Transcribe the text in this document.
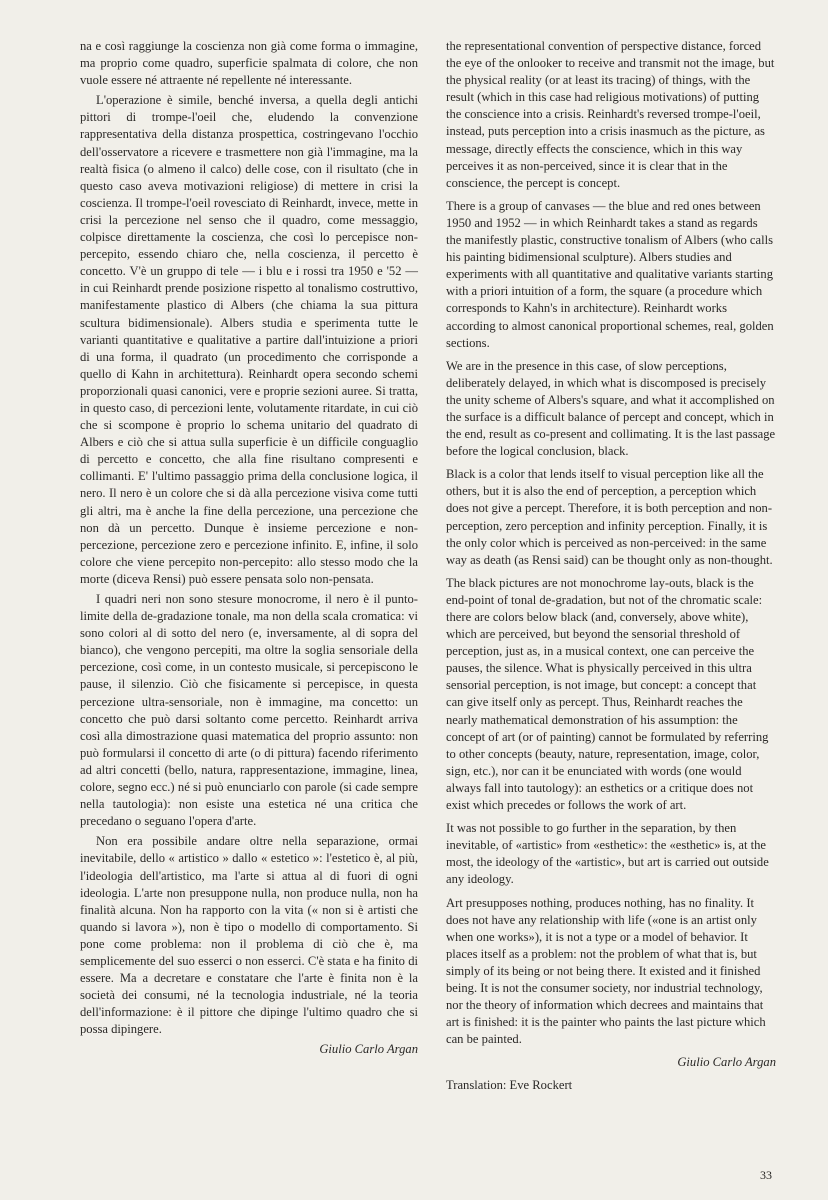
na e così raggiunge la coscienza non già come forma o immagine, ma proprio come quadro, superficie spalmata di colore, che non vuole essere né attraente né repellente né interessante.

L'operazione è simile, benché inversa, a quella degli antichi pittori di trompe-l'oeil che, eludendo la convenzione rappresentativa della distanza prospettica, costringevano l'occhio dell'osservatore a ricevere e trasmettere non già l'immagine, ma la realtà fisica (o almeno il calco) delle cose, con il risultato (che in questo caso aveva motivazioni religiose) di mettere in crisi la coscienza. Il trompe-l'oeil rovesciato di Reinhardt, invece, mette in crisi la percezione nel senso che il quadro, come messaggio, colpisce direttamente la coscienza, che così lo percepisce non-percepito, essendo chiaro che, nella coscienza, il percetto è concetto. V'è un gruppo di tele — i blu e i rossi tra 1950 e '52 — in cui Reinhardt prende posizione rispetto al tonalismo costruttivo, manifestamente plastico di Albers (che chiama la sua pittura scultura bidimensionale). Albers studia e sperimenta tutte le varianti quantitative e qualitative a partire dall'intuizione a priori di una forma, il quadrato (un procedimento che corrisponde a quello di Kahn in architettura). Reinhardt opera secondo schemi proporzionali quasi canonici, vere e proprie sezioni auree. Si tratta, in questo caso, di percezioni lente, volutamente ritardate, in cui ciò che si scompone è proprio lo schema unitario del quadrato di Albers e ciò che si attua sulla superficie è un difficile conguaglio di percetto e concetto, che alla fine risultano compresenti e collimanti. E' l'ultimo passaggio prima della conclusione logica, il nero. Il nero è un colore che si dà alla percezione visiva come tutti gli altri, ma è anche la fine della percezione, una percezione che non dà un percetto. Dunque è insieme percezione e non-percezione, percezione zero e percezione infinito. E, infine, il solo colore che viene percepito non-percepito: allo stesso modo che la morte (diceva Rensi) può essere pensata solo non-pensata.

I quadri neri non sono stesure monocrome, il nero è il punto-limite della de-gradazione tonale, ma non della scala cromatica: vi sono colori al di sotto del nero (e, inversamente, al di sopra del bianco), che vengono percepiti, ma oltre la soglia sensoriale della percezione, così come, in un contesto musicale, si percepiscono le pause, il silenzio. Ciò che fisicamente si percepisce, in questa percezione ultra-sensoriale, non è immagine, ma concetto: un concetto che può darsi soltanto come percetto. Reinhardt arriva così alla dimostrazione quasi matematica del proprio assunto: non può formularsi il concetto di arte (o di pittura) facendo riferimento ad altri concetti (bello, natura, rappresentazione, immagine, linea, colore, segno ecc.) né si può enunciarlo con parole (si cade sempre nella tautologia): non esiste una estetica né una critica che precedano o seguano l'opera d'arte.

Non era possibile andare oltre nella separazione, ormai inevitabile, dello « artistico » dallo « estetico »: l'estetico è, al più, l'ideologia dell'artistico, ma l'arte si attua al di fuori di ogni ideologia. L'arte non presuppone nulla, non produce nulla, non ha finalità alcuna. Non ha rapporto con la vita (« non si è artisti che quando si lavora »), non è tipo o modello di comportamento. Si pone come problema: non il problema di ciò che è, ma semplicemente del suo esserci o non esserci. C'è stata e ha finito di essere. Ma a decretare e constatare che l'arte è finita non è la società dei consumi, né la tecnologia industriale, né la teoria dell'informazione: è il pittore che dipinge l'ultimo quadro che si possa dipingere.

Giulio Carlo Argan

the representational convention of perspective distance, forced the eye of the onlooker to receive and transmit not the image, but the physical reality (or at least its tracing) of things, with the result (which in this case had religious motivations) of putting the conscience into a crisis. Reinhardt's reversed trompe-l'oeil, instead, puts perception into a crisis inasmuch as the picture, as message, directly effects the conscience, which in this way perceives it as non-perceived, since it is clear that in the conscience, the percept is concept.

There is a group of canvases — the blue and red ones between 1950 and 1952 — in which Reinhardt takes a stand as regards the manifestly plastic, constructive tonalism of Albers (who calls his painting bidimensional sculpture). Albers studies and experiments with all quantitative and qualitative variants starting with a priori intuition of a form, the square (a procedure which corresponds to Kahn's in architecture). Reinhardt works according to almost canonical proportional schemes, real, golden sections.

We are in the presence in this case, of slow perceptions, deliberately delayed, in which what is discomposed is precisely the unity scheme of Albers's square, and what it accomplished on the surface is a difficult balance of percept and concept, which in the end, result as co-present and collimating. It is the last passage before the logical conclusion, black.

Black is a color that lends itself to visual perception like all the others, but it is also the end of perception, a perception which does not give a percept. Therefore, it is both perception and non-perception, zero perception and infinity perception. Finally, it is the only color which is perceived as non-perceived: in the same way as death (as Rensi said) can be thought only as non-thought.

The black pictures are not monochrome lay-outs, black is the end-point of tonal de-gradation, but not of the chromatic scale: there are colors below black (and, conversely, above white), which are perceived, but beyond the sensorial threshold of perception, just as, in a musical context, one can perceive the pauses, the silence. What is physically perceived in this ultra sensorial perception, is not image, but concept: a concept that can give itself only as percept. Thus, Reinhardt reaches the nearly mathematical demonstration of his assumption: the concept of art (or of painting) cannot be formulated by referring to other concepts (beauty, nature, representation, image, color, sign, etc.), nor can it be enunciated with words (one would always fall into tautology): an esthetics or a critique does not exist which precedes or follows the work of art.

It was not possible to go further in the separation, by then inevitable, of «artistic» from «esthetic»: the «esthetic» is, at the most, the ideology of the «artistic», but art is carried out outside any ideology.

Art presupposes nothing, produces nothing, has no finality. It does not have any relationship with life («one is an artist only when one works»), it is not a type or a model of behavior. It places itself as a problem: not the problem of what that is, but simply of its being or not being there. It existed and it finished being. It is not the consumer society, nor industrial technology, nor the theory of information which decrees and maintains that art is finished: it is the painter who paints the last picture which can be painted.

Giulio Carlo Argan

Translation: Eve Rockert

33
